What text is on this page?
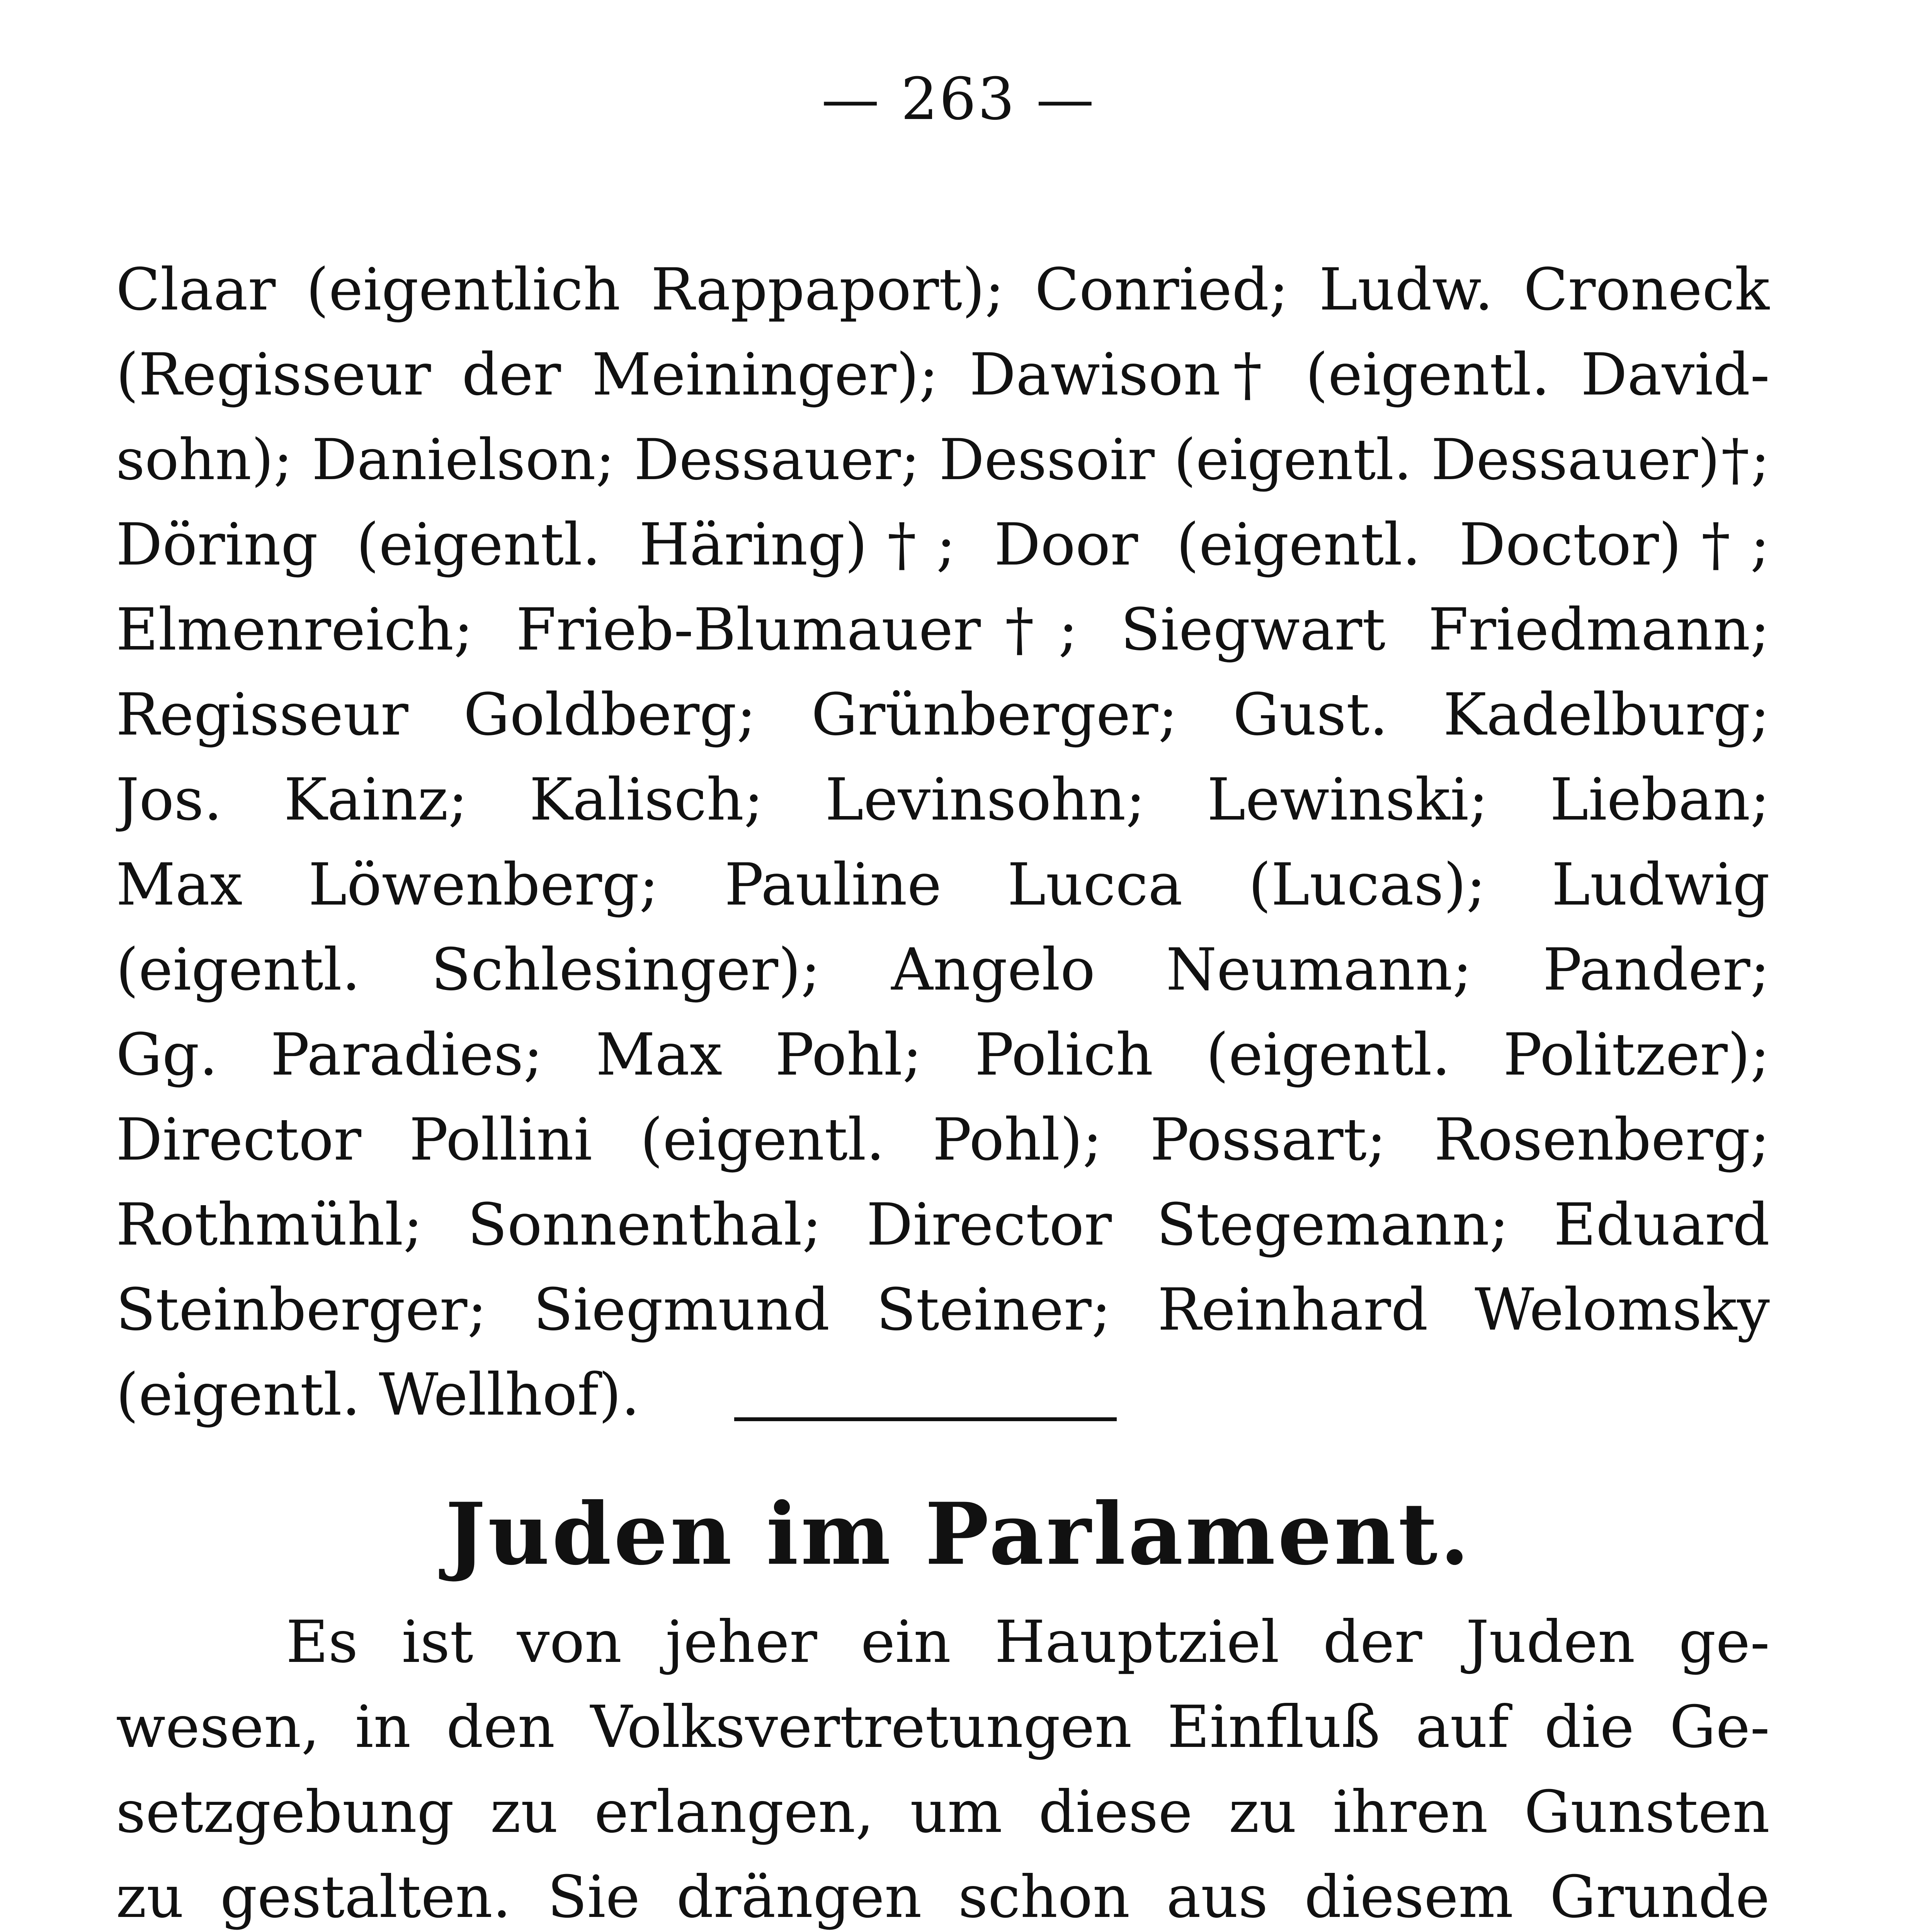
— 263 —
Claar (eigentlich Rappaport); Conried; Ludw. Croneck
(Regisseur der Meininger); Dawison† (eigentl. David-
sohn); Danielson; Dessauer; Dessoir (eigentl. Dessauer)†;
Döring (eigentl. Häring)†; Door (eigentl. Doctor)†;
Elmenreich; Frieb-Blumauer†; Siegwart Friedmann;
Regisseur Goldberg; Grünberger; Gust. Kadelburg;
Jos. Kainz; Kalisch; Levinsohn; Lewinski; Lieban;
Max Löwenberg; Pauline Lucca (Lucas); Ludwig
(eigentl. Schlesinger); Angelo Neumann; Pander;
Gg. Paradies; Max Pohl; Polich (eigentl. Politzer);
Director Pollini (eigentl. Pohl); Possart; Rosenberg;
Rothmühl; Sonnenthal; Director Stegemann; Eduard
Steinberger; Siegmund Steiner; Reinhard Welomsky
(eigentl. Wellhof).
Juden im Parlament.
Es ist von jeher ein Hauptziel der Juden ge-
wesen, in den Volksvertretungen Einfluß auf die Ge-
setzgebung zu erlangen, um diese zu ihren Gunsten
zu gestalten. Sie drängen schon aus diesem Grunde
